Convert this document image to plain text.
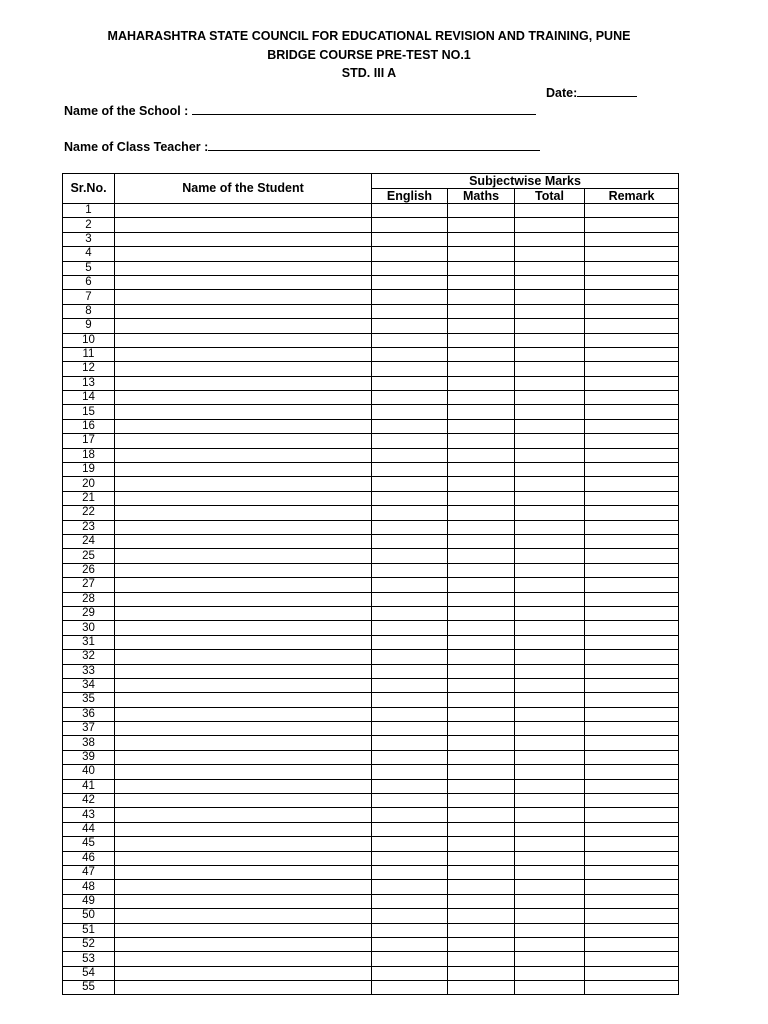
MAHARASHTRA STATE COUNCIL FOR EDUCATIONAL REVISION AND TRAINING, PUNE
BRIDGE COURSE PRE-TEST NO.1
STD. III A
Date:
Name of the School :
Name of Class Teacher :
Sr.No.	Name of the Student	Subjectwise Marks			
		English	Maths	Total	Remark
1					
2					
3					
4					
5					
6					
7					
8					
9					
10					
11					
12					
13					
14					
15					
16					
17					
18					
19					
20					
21					
22					
23					
24					
25					
26					
27					
28					
29					
30					
31					
32					
33					
34					
35					
36					
37					
38					
39					
40					
41					
42					
43					
44					
45					
46					
47					
48					
49					
50					
51					
52					
53					
54					
55					
